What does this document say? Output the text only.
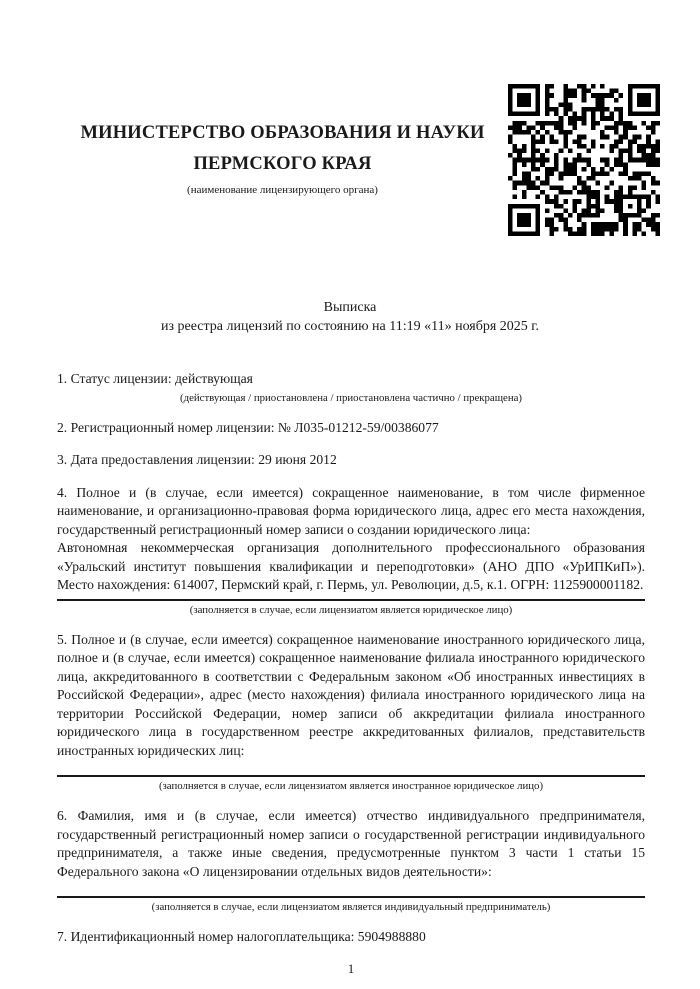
МИНИСТЕРСТВО ОБРАЗОВАНИЯ И НАУКИ
ПЕРМСКОГО КРАЯ
(наименование лицензирующего органа)
Выписка
из реестра лицензий по состоянию на 11:19 «11» ноября 2025 г.

1. Статус лицензии: действующая

(действующая / приостановлена / приостановлена частично / прекращена)

2. Регистрационный номер лицензии: № Л035-01212-59/00386077

3. Дата предоставления лицензии: 29 июня 2012

4. Полное и (в случае, если имеется) сокращенное наименование, в том числе фирменное наименование, и организационно-правовая форма юридического лица, адрес его места нахождения, государственный регистрационный номер записи о создании юридического лица:

Автономная некоммерческая организация дополнительного профессионального образования «Уральский институт повышения квалификации и переподготовки» (АНО ДПО «УрИПКиП»). Место нахождения: 614007, Пермский край, г. Пермь, ул. Революции, д.5, к.1. ОГРН: 1125900001182.

(заполняется в случае, если лицензиатом является юридическое лицо)

5. Полное и (в случае, если имеется) сокращенное наименование иностранного юридического лица, полное и (в случае, если имеется) сокращенное наименование филиала иностранного юридического лица, аккредитованного в соответствии с Федеральным законом «Об иностранных инвестициях в Российской Федерации», адрес (место нахождения) филиала иностранного юридического лица на территории Российской Федерации, номер записи об аккредитации филиала иностранного юридического лица в государственном реестре аккредитованных филиалов, представительств иностранных юридических лиц:

(заполняется в случае, если лицензиатом является иностранное юридическое лицо)

6. Фамилия, имя и (в случае, если имеется) отчество индивидуального предпринимателя, государственный регистрационный номер записи о государственной регистрации индивидуального предпринимателя, а также иные сведения, предусмотренные пунктом 3 части 1 статьи 15 Федерального закона «О лицензировании отдельных видов деятельности»:

(заполняется в случае, если лицензиатом является индивидуальный предприниматель)

7. Идентификационный номер налогоплательщика: 5904988880

1
